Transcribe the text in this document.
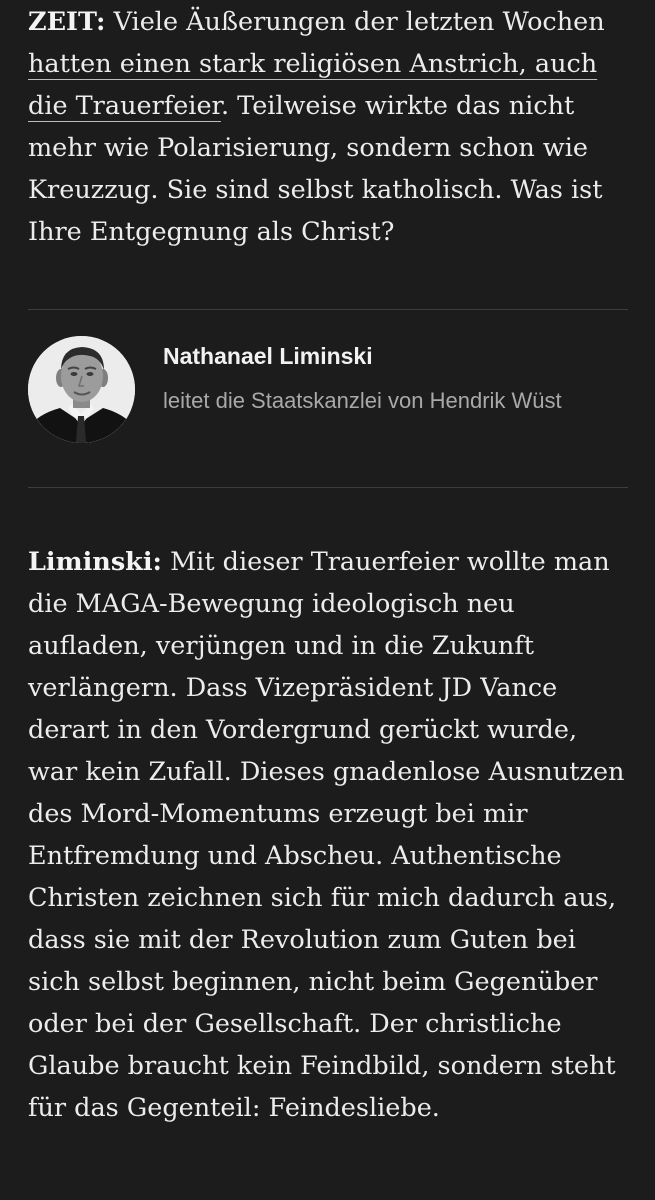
ZEIT: Viele Äußerungen der letzten Wochen hatten einen stark religiösen Anstrich, auch die Trauerfeier. Teilweise wirkte das nicht mehr wie Polarisierung, sondern schon wie Kreuzzug. Sie sind selbst katholisch. Was ist Ihre Entgegnung als Christ?

Nathanael Liminski
leitet die Staatskanzlei von Hendrik Wüst

Liminski: Mit dieser Trauerfeier wollte man die MAGA-Bewegung ideologisch neu aufladen, verjüngen und in die Zukunft verlängern. Dass Vizepräsident JD Vance derart in den Vordergrund gerückt wurde, war kein Zufall. Dieses gnadenlose Ausnutzen des Mord-Momentums erzeugt bei mir Entfremdung und Abscheu. Authentische Christen zeichnen sich für mich dadurch aus, dass sie mit der Revolution zum Guten bei sich selbst beginnen, nicht beim Gegenüber oder bei der Gesellschaft. Der christliche Glaube braucht kein Feindbild, sondern steht für das Gegenteil: Feindesliebe.
